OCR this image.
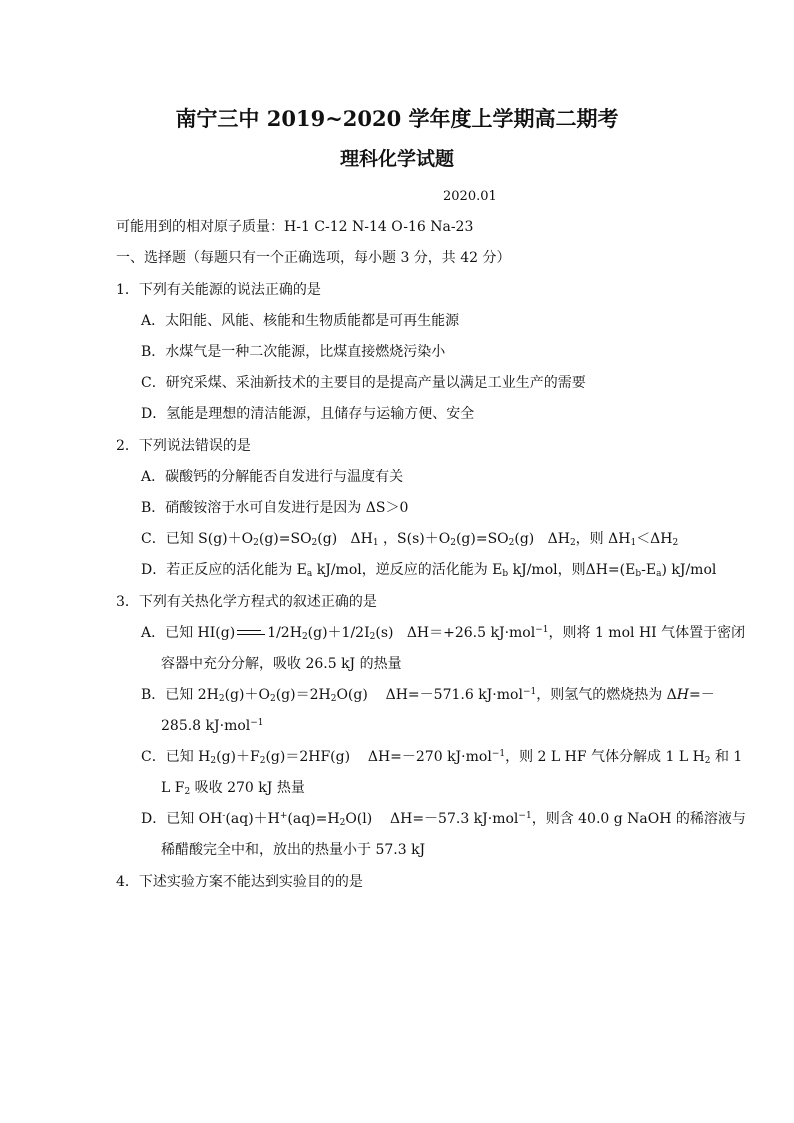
南宁三中 2019~2020 学年度上学期高二期考
理科化学试题
2020.01
可能用到的相对原子质量：H-1 C-12 N-14 O-16 Na-23
一、选择题（每题只有一个正确选项，每小题 3 分，共 42 分）
1．下列有关能源的说法正确的是
A．太阳能、风能、核能和生物质能都是可再生能源
B．水煤气是一种二次能源，比煤直接燃烧污染小
C．研究采煤、采油新技术的主要目的是提高产量以满足工业生产的需要
D．氢能是理想的清洁能源，且储存与运输方便、安全
2．下列说法错误的是
A．碳酸钙的分解能否自发进行与温度有关
B．硝酸铵溶于水可自发进行是因为 ΔS＞0
C．已知 $S(g)+O_2(g)=SO_2(g)$   $\Delta H_1$ ，$S(s)+O_2(g)=SO_2(g)$   $\Delta H_2$，则 $\Delta H_1<\Delta H_2$
D．若正反应的活化能为 $E_a$ kJ/mol，逆反应的活化能为 $E_b$ kJ/mol，则$\Delta H=(E_b-E_a)$ kJ/mol
3．下列有关热化学方程式的叙述正确的是
A．已知 HI(g) $1/2H_2(g)+1/2I_2(s)$   ΔH＝+26.5 kJ·mol$^{-1}$，则将 1 mol HI 气体置于密闭
容器中充分分解，吸收 26.5 kJ 的热量
B．已知 $2H_2(g)+O_2(g)=2H_2O(g)$    ΔH=－571.6 kJ·mol$^{-1}$，则氢气的燃烧热为 ΔH=－
285.8 kJ·mol$^{-1}$
C．已知 $H_2(g)+F_2(g)=2HF(g)$    ΔH=－270 kJ·mol$^{-1}$，则 2 L HF 气体分解成 1 L $H_2$ 和 1
L $F_2$ 吸收 270 kJ 热量
D．已知 $OH^-(aq)+H^+(aq)=H_2O(l)$    ΔH=－57.3 kJ·mol$^{-1}$，则含 40.0 g NaOH 的稀溶液与
稀醋酸完全中和，放出的热量小于 57.3 kJ
4．下述实验方案不能达到实验目的的是
